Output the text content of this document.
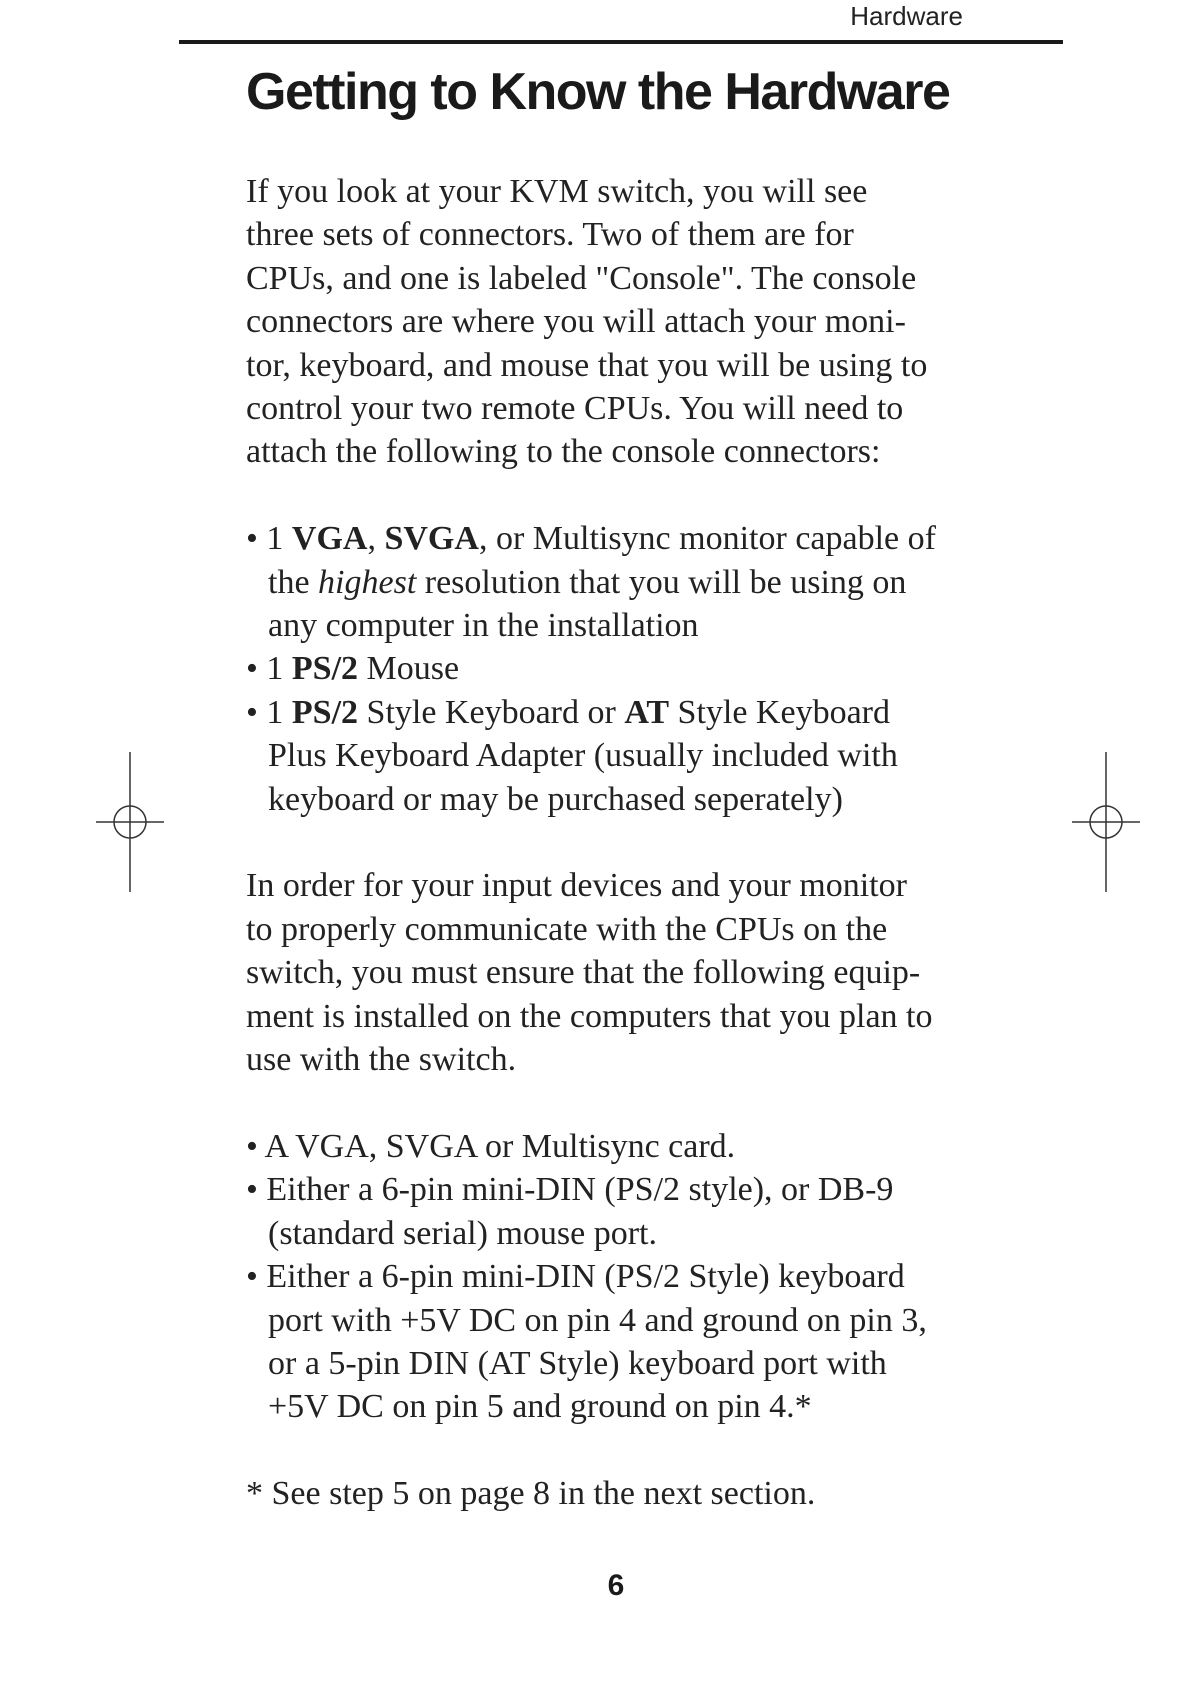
Hardware
Getting to Know the Hardware

If you look at your KVM switch, you will see
three sets of connectors. Two of them are for
CPUs, and one is labeled "Console". The console
connectors are where you will attach your moni-
tor, keyboard, and mouse that you will be using to
control your two remote CPUs. You will need to
attach the following to the console connectors:

• 1 VGA, SVGA, or Multisync monitor capable of
the highest resolution that you will be using on
any computer in the installation

• 1 PS/2 Mouse

• 1 PS/2 Style Keyboard or AT Style Keyboard
Plus Keyboard Adapter (usually included with
keyboard or may be purchased seperately)

In order for your input devices and your monitor
to properly communicate with the CPUs on the
switch, you must ensure that the following equip-
ment is installed on the computers that you plan to
use with the switch.

• A VGA, SVGA or Multisync card.

• Either a 6-pin mini-DIN (PS/2 style), or DB-9
(standard serial) mouse port.

• Either a 6-pin mini-DIN (PS/2 Style) keyboard
port with +5V DC on pin 4 and ground on pin 3,
or a 5-pin DIN (AT Style) keyboard port with
+5V DC on pin 5 and ground on pin 4.*

* See step 5 on page 8 in the next section.

6
